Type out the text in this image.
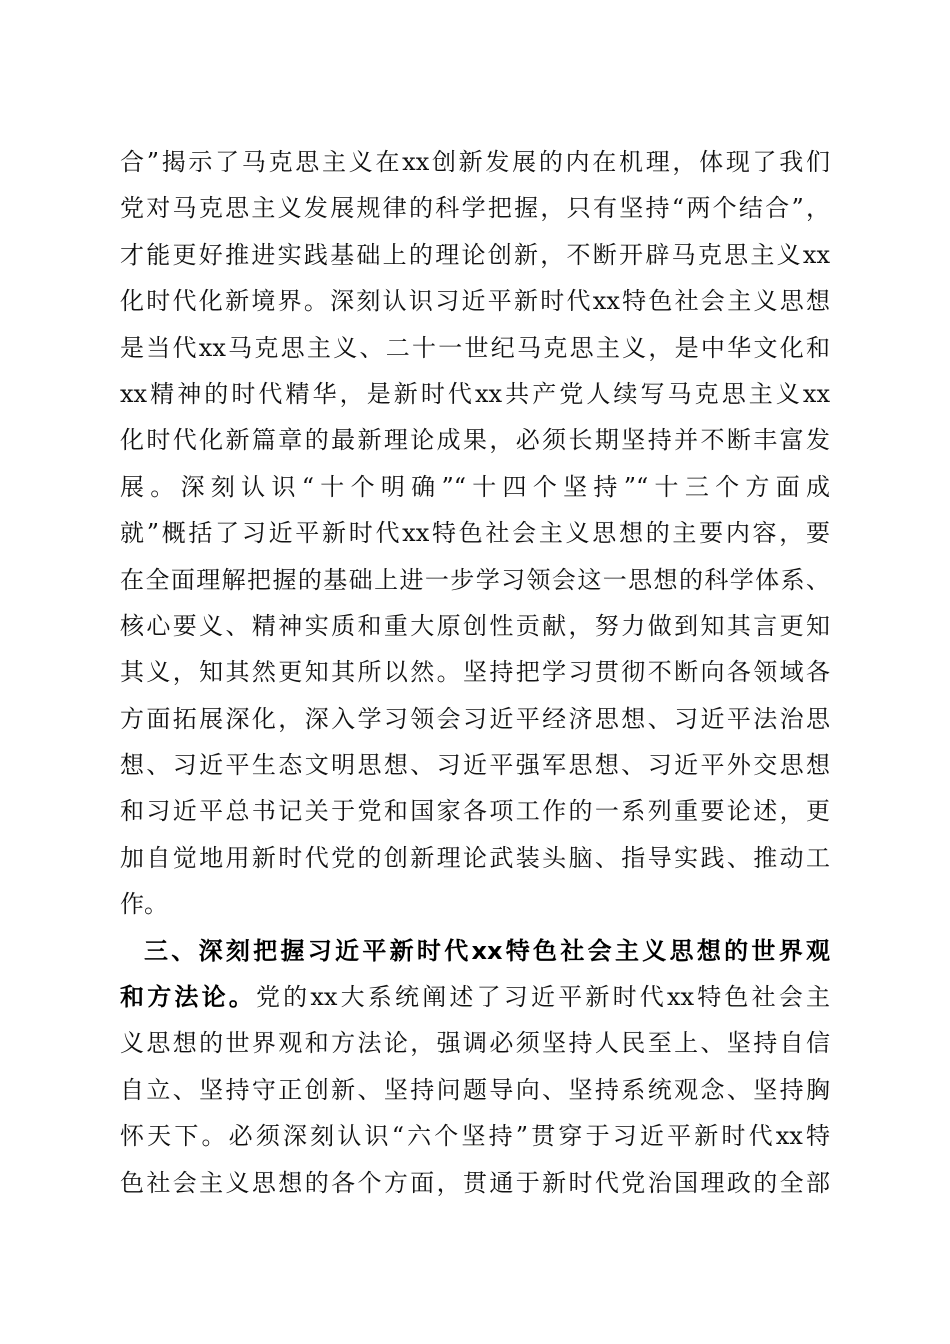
合”揭示了马克思主义在xx创新发展的内在机理，体现了我们
党对马克思主义发展规律的科学把握，只有坚持“两个结合”，
才能更好推进实践基础上的理论创新，不断开辟马克思主义xx
化时代化新境界。深刻认识习近平新时代xx特色社会主义思想
是当代xx马克思主义、二十一世纪马克思主义，是中华文化和
xx精神的时代精华，是新时代xx共产党人续写马克思主义xx
化时代化新篇章的最新理论成果，必须长期坚持并不断丰富发
展。深刻认识“十个明确”“十四个坚持”“十三个方面成
就”概括了习近平新时代xx特色社会主义思想的主要内容，要
在全面理解把握的基础上进一步学习领会这一思想的科学体系、
核心要义、精神实质和重大原创性贡献，努力做到知其言更知
其义，知其然更知其所以然。坚持把学习贯彻不断向各领域各
方面拓展深化，深入学习领会习近平经济思想、习近平法治思
想、习近平生态文明思想、习近平强军思想、习近平外交思想
和习近平总书记关于党和国家各项工作的一系列重要论述，更
加自觉地用新时代党的创新理论武装头脑、指导实践、推动工
作。
三、深刻把握习近平新时代xx特色社会主义思想的世界观
和方法论。党的xx大系统阐述了习近平新时代xx特色社会主
义思想的世界观和方法论，强调必须坚持人民至上、坚持自信
自立、坚持守正创新、坚持问题导向、坚持系统观念、坚持胸
怀天下。必须深刻认识“六个坚持”贯穿于习近平新时代xx特
色社会主义思想的各个方面，贯通于新时代党治国理政的全部
